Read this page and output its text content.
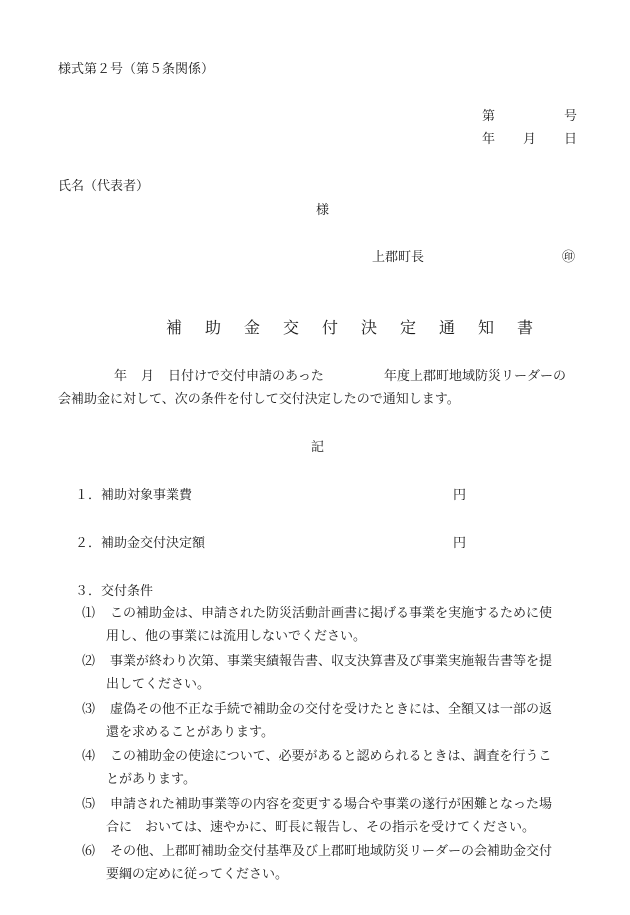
様式第２号（第５条関係）
第	号
年 月 日
氏名（代表者）
様
上郡町長	㊞
補 助 金 交 付 決 定 通 知 書
年 月 日付けで交付申請のあった	年度上郡町地域防災リーダーの
会補助金に対して、次の条件を付して交付決定したので通知します。
記
１．補助対象事業費	円
２．補助金交付決定額	円
３．交付条件
⑴ この補助金は、申請された防災活動計画書に掲げる事業を実施するために使
用し、他の事業には流用しないでください。
⑵ 事業が終わり次第、事業実績報告書、収支決算書及び事業実施報告書等を提
出してください。
⑶ 虚偽その他不正な手続で補助金の交付を受けたときには、全額又は一部の返
還を求めることがあります。
⑷ この補助金の使途について、必要があると認められるときは、調査を行うこ
とがあります。
⑸ 申請された補助事業等の内容を変更する場合や事業の遂行が困難となった場
合に　おいては、速やかに、町長に報告し、その指示を受けてください。
⑹ その他、上郡町補助金交付基準及び上郡町地域防災リーダーの会補助金交付
要綱の定めに従ってください。
